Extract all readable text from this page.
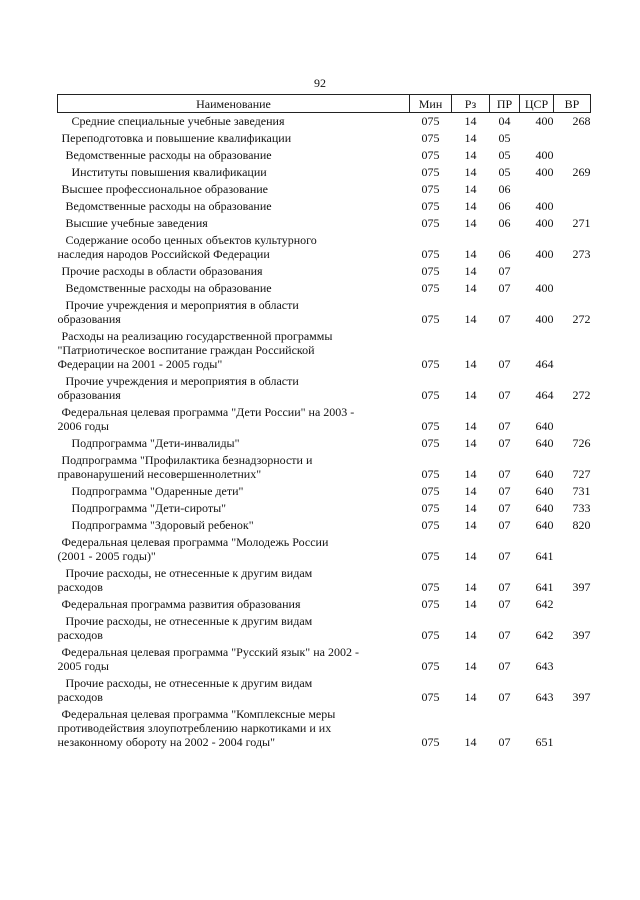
92
Наименование	Мин	Рз	ПР	ЦСР	ВР

Средние специальные учебные заведения	075	14	04	400	268

Переподготовка и повышение квалификации	075	14	05		

Ведомственные расходы на образование	075	14	05	400	

Институты повышения квалификации	075	14	05	400	269

Высшее профессиональное образование	075	14	06		

Ведомственные расходы на образование	075	14	06	400	

Высшие учебные заведения	075	14	06	400	271

Содержание особо ценных объектов культурного
наследия народов Российской Федерации	075	14	06	400	273

Прочие расходы в области образования	075	14	07		

Ведомственные расходы на образование	075	14	07	400	

Прочие учреждения и мероприятия в области
образования	075	14	07	400	272

Расходы на реализацию государственной программы
"Патриотическое воспитание граждан Российской
Федерации на 2001 - 2005 годы"	075	14	07	464	

Прочие учреждения и мероприятия в области
образования	075	14	07	464	272

Федеральная целевая программа "Дети России" на 2003 -
2006 годы	075	14	07	640	

Подпрограмма "Дети-инвалиды"	075	14	07	640	726

Подпрограмма "Профилактика безнадзорности и
правонарушений несовершеннолетних"	075	14	07	640	727

Подпрограмма "Одаренные дети"	075	14	07	640	731

Подпрограмма "Дети-сироты"	075	14	07	640	733

Подпрограмма "Здоровый ребенок"	075	14	07	640	820

Федеральная целевая программа "Молодежь России
(2001 - 2005 годы)"	075	14	07	641	

Прочие расходы, не отнесенные к другим видам
расходов	075	14	07	641	397

Федеральная программа развития образования	075	14	07	642	

Прочие расходы, не отнесенные к другим видам
расходов	075	14	07	642	397

Федеральная целевая программа "Русский язык" на 2002 -
2005 годы	075	14	07	643	

Прочие расходы, не отнесенные к другим видам
расходов	075	14	07	643	397

Федеральная целевая программа "Комплексные меры
противодействия злоупотреблению наркотиками и их
незаконному обороту на 2002 - 2004 годы"	075	14	07	651	
